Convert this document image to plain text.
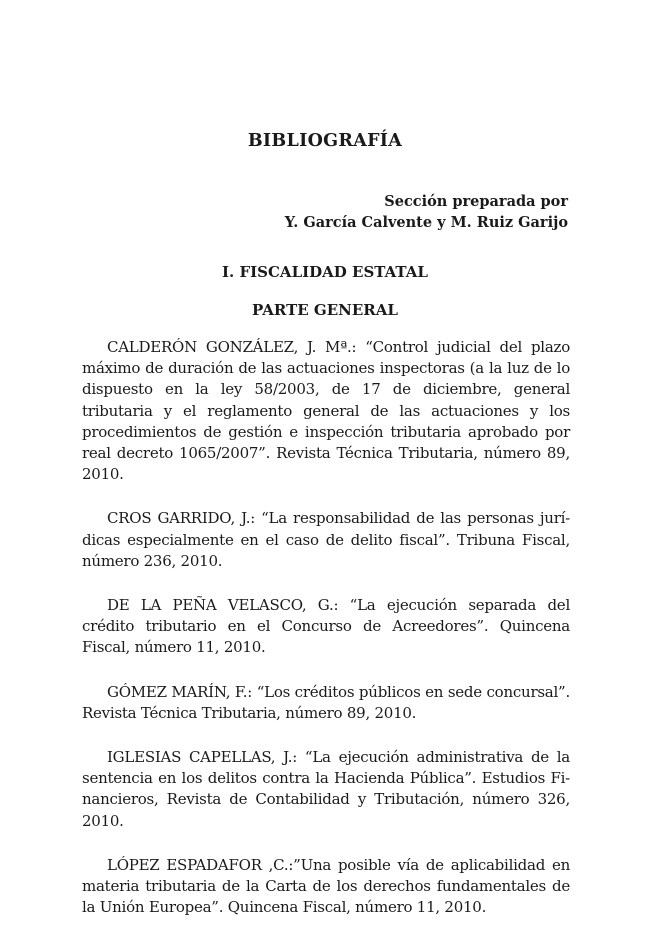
BIBLIOGRAFÍA
Sección preparada por
Y. García Calvente y M. Ruiz Garijo
I. FISCALIDAD ESTATAL
PARTE GENERAL

CALDERÓN GONZÁLEZ, J. Mª.: “Control judicial del plazo máximo de duración de las actuaciones inspectoras (a la luz de lo dispuesto en la ley 58/2003, de 17 de diciembre, general tributaria y el reglamento general de las actuaciones y los procedimientos de gestión e inspección tributaria aprobado por real decreto 1065/2007”. Revista Técnica Tributaria, número 89, 2010.

CROS GARRIDO, J.: “La responsabilidad de las personas jurí-dicas especialmente en el caso de delito fiscal”. Tribuna Fiscal, número 236, 2010.

DE LA PEÑA VELASCO, G.: “La ejecución separada del crédito tributario en el Concurso de Acreedores”. Quincena Fiscal, número 11, 2010.

GÓMEZ MARÍN, F.: “Los créditos públicos en sede concursal”. Revista Técnica Tributaria, número 89, 2010.

IGLESIAS CAPELLAS, J.: “La ejecución administrativa de la sentencia en los delitos contra la Hacienda Pública”. Estudios Fi-nancieros, Revista de Contabilidad y Tributación, número 326, 2010.

LÓPEZ ESPADAFOR ,C.:”Una posible vía de aplicabilidad en materia tributaria de la Carta de los derechos fundamentales de la Unión Europea”. Quincena Fiscal, número 11, 2010.
